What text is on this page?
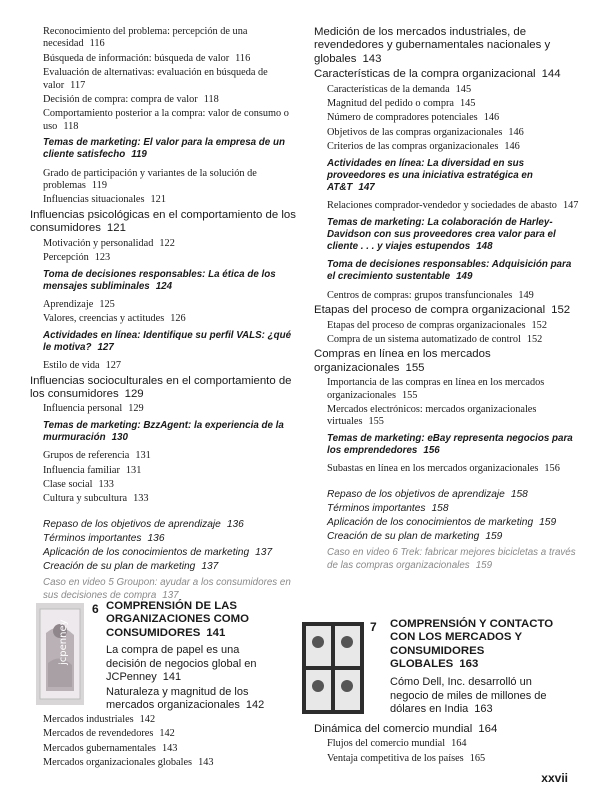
Reconocimiento del problema: percepción de una necesidad 116
Búsqueda de información: búsqueda de valor 116
Evaluación de alternativas: evaluación en búsqueda de valor 117
Decisión de compra: compra de valor 118
Comportamiento posterior a la compra: valor de consumo o uso 118
Temas de marketing: El valor para la empresa de un cliente satisfecho 119
Grado de participación y variantes de la solución de problemas 119
Influencias situacionales 121
Influencias psicológicas en el comportamiento de los consumidores 121
Motivación y personalidad 122
Percepción 123
Toma de decisiones responsables: La ética de los mensajes subliminales 124
Aprendizaje 125
Valores, creencias y actitudes 126
Actividades en línea: Identifique su perfil VALS: ¿qué le motiva? 127
Estilo de vida 127
Influencias socioculturales en el comportamiento de los consumidores 129
Influencia personal 129
Temas de marketing: BzzAgent: la experiencia de la murmuración 130
Grupos de referencia 131
Influencia familiar 131
Clase social 133
Cultura y subcultura 133
Repaso de los objetivos de aprendizaje 136
Términos importantes 136
Aplicación de los conocimientos de marketing 137
Creación de su plan de marketing 137
Caso en video 5 Groupon: ayudar a los consumidores en sus decisiones de compra 137
Medición de los mercados industriales, de revendedores y gubernamentales nacionales y globales 143
Características de la compra organizacional 144
Características de la demanda 145
Magnitud del pedido o compra 145
Número de compradores potenciales 146
Objetivos de las compras organizacionales 146
Criterios de las compras organizacionales 146
Actividades en línea: La diversidad en sus proveedores es una iniciativa estratégica en AT&T 147
Relaciones comprador-vendedor y sociedades de abasto 147
Temas de marketing: La colaboración de Harley-Davidson con sus proveedores crea valor para el cliente . . . y viajes estupendos 148
Toma de decisiones responsables: Adquisición para el crecimiento sustentable 149
Centros de compras: grupos transfuncionales 149
Etapas del proceso de compra organizacional 152
Etapas del proceso de compras organizacionales 152
Compra de un sistema automatizado de control 152
Compras en línea en los mercados organizacionales 155
Importancia de las compras en línea en los mercados organizacionales 155
Mercados electrónicos: mercados organizacionales virtuales 155
Temas de marketing: eBay representa negocios para los emprendedores 156
Subastas en línea en los mercados organizacionales 156
Repaso de los objetivos de aprendizaje 158
Términos importantes 158
Aplicación de los conocimientos de marketing 159
Creación de su plan de marketing 159
Caso en video 6 Trek: fabricar mejores bicicletas a través de las compras organizacionales 159
jcpenney
6 COMPRENSIÓN DE LAS ORGANIZACIONES COMO CONSUMIDORES 141
La compra de papel es una decisión de negocios global en JCPenney 141
Naturaleza y magnitud de los mercados organizacionales 142
Mercados industriales 142
Mercados de revendedores 142
Mercados gubernamentales 143
Mercados organizacionales globales 143
7 COMPRENSIÓN Y CONTACTO CON LOS MERCADOS Y CONSUMIDORES GLOBALES 163
Cómo Dell, Inc. desarrolló un negocio de miles de millones de dólares en India 163
Dinámica del comercio mundial 164
Flujos del comercio mundial 164
Ventaja competitiva de los países 165
xxvii
